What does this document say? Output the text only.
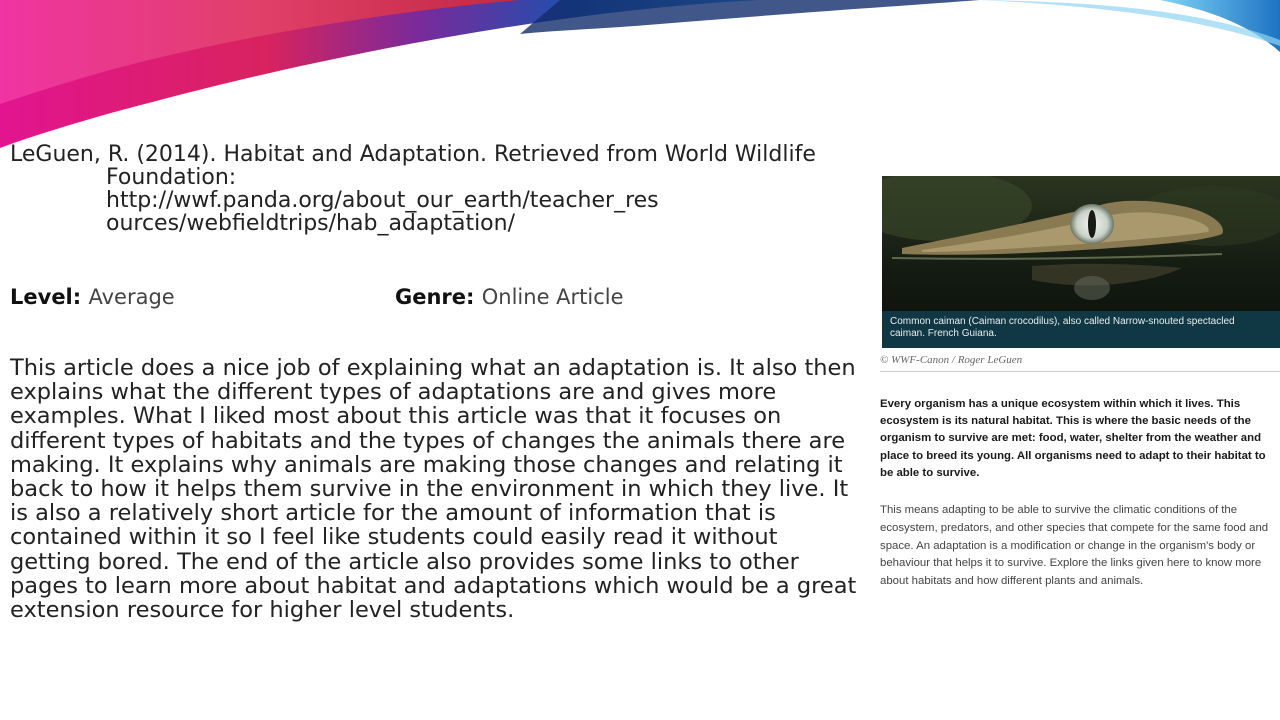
LeGuen, R. (2014). Habitat and Adaptation. Retrieved from World Wildlife
Foundation:
http://wwf.panda.org/about_our_earth/teacher_res
ources/webfieldtrips/hab_adaptation/
Level: Average	Genre: Online Article
This article does a nice job of explaining what an adaptation is. It also then explains what the different types of adaptations are and gives more examples. What I liked most about this article was that it focuses on different types of habitats and the types of changes the animals there are making. It explains why animals are making those changes and relating it back to how it helps them survive in the environment in which they live. It is also a relatively short article for the amount of information that is contained within it so I feel like students could easily read it without getting bored. The end of the article also provides some links to other pages to learn more about habitat and adaptations which would be a great extension resource for higher level students.
Common caiman (Caiman crocodilus), also called Narrow-snouted spectacled caiman. French Guiana.
© WWF-Canon / Roger LeGuen
Every organism has a unique ecosystem within which it lives. This ecosystem is its natural habitat. This is where the basic needs of the organism to survive are met: food, water, shelter from the weather and place to breed its young. All organisms need to adapt to their habitat to be able to survive.
This means adapting to be able to survive the climatic conditions of the ecosystem, predators, and other species that compete for the same food and space. An adaptation is a modification or change in the organism's body or behaviour that helps it to survive. Explore the links given here to know more about habitats and how different plants and animals.
